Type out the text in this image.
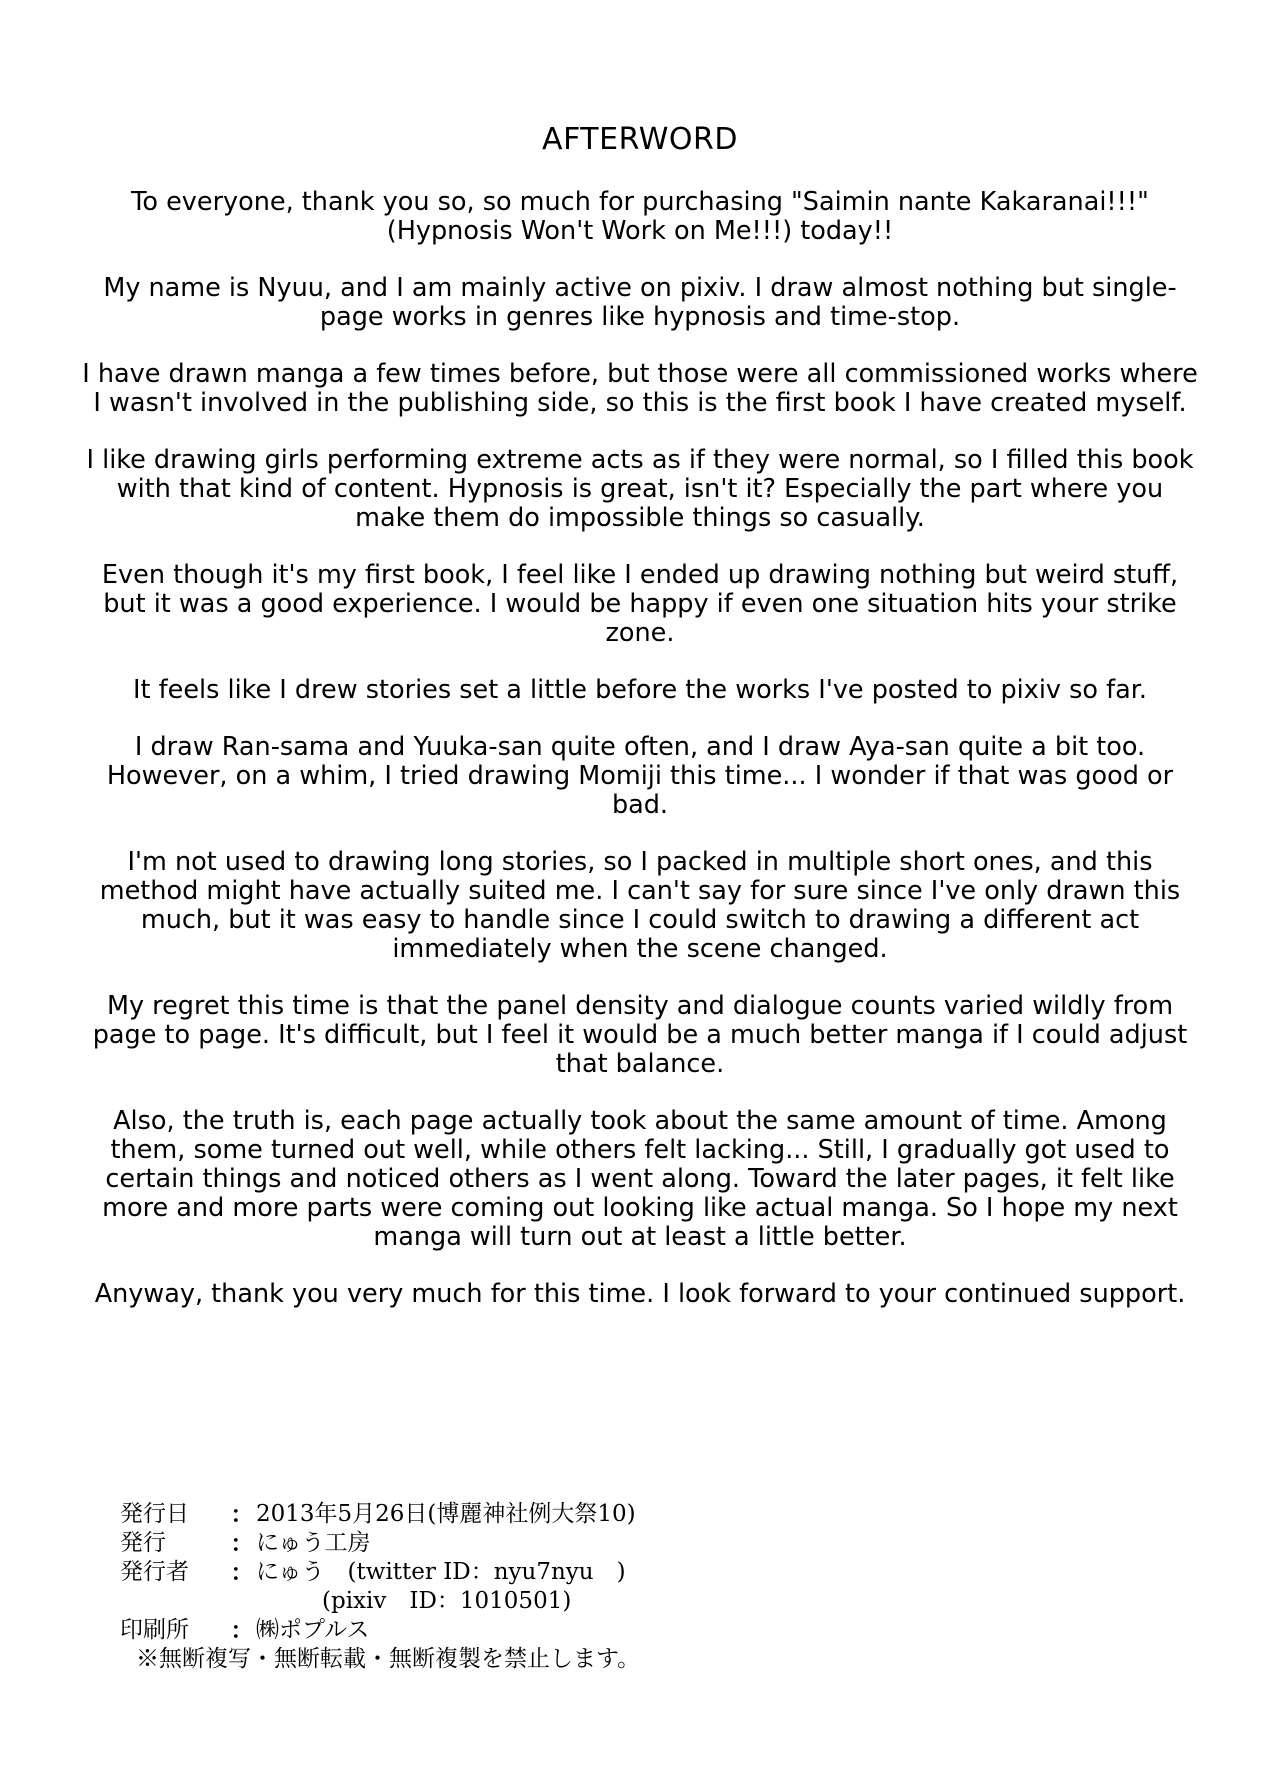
AFTERWORD

To everyone, thank you so, so much for purchasing "Saimin nante Kakaranai!!!" (Hypnosis Won't Work on Me!!!) today!!

My name is Nyuu, and I am mainly active on pixiv. I draw almost nothing but single-page works in genres like hypnosis and time-stop.

I have drawn manga a few times before, but those were all commissioned works where I wasn't involved in the publishing side, so this is the first book I have created myself.

I like drawing girls performing extreme acts as if they were normal, so I filled this book with that kind of content. Hypnosis is great, isn't it? Especially the part where you make them do impossible things so casually.

Even though it's my first book, I feel like I ended up drawing nothing but weird stuff, but it was a good experience. I would be happy if even one situation hits your strike zone.

It feels like I drew stories set a little before the works I've posted to pixiv so far.

I draw Ran-sama and Yuuka-san quite often, and I draw Aya-san quite a bit too. However, on a whim, I tried drawing Momiji this time... I wonder if that was good or bad.

I'm not used to drawing long stories, so I packed in multiple short ones, and this method might have actually suited me. I can't say for sure since I've only drawn this much, but it was easy to handle since I could switch to drawing a different act immediately when the scene changed.

My regret this time is that the panel density and dialogue counts varied wildly from page to page. It's difficult, but I feel it would be a much better manga if I could adjust that balance.

Also, the truth is, each page actually took about the same amount of time. Among them, some turned out well, while others felt lacking... Still, I gradually got used to certain things and noticed others as I went along. Toward the later pages, it felt like more and more parts were coming out looking like actual manga. So I hope my next manga will turn out at least a little better.

Anyway, thank you very much for this time. I look forward to your continued support.

発行日	： 2013年5月26日(博麗神社例大祭10)
発行	： にゅう工房
発行者	： にゅう　(twitter ID：nyu7nyu　)
(pixiv　ID：1010501)
印刷所	： ㈱ポプルス
※無断複写・無断転載・無断複製を禁止します。
